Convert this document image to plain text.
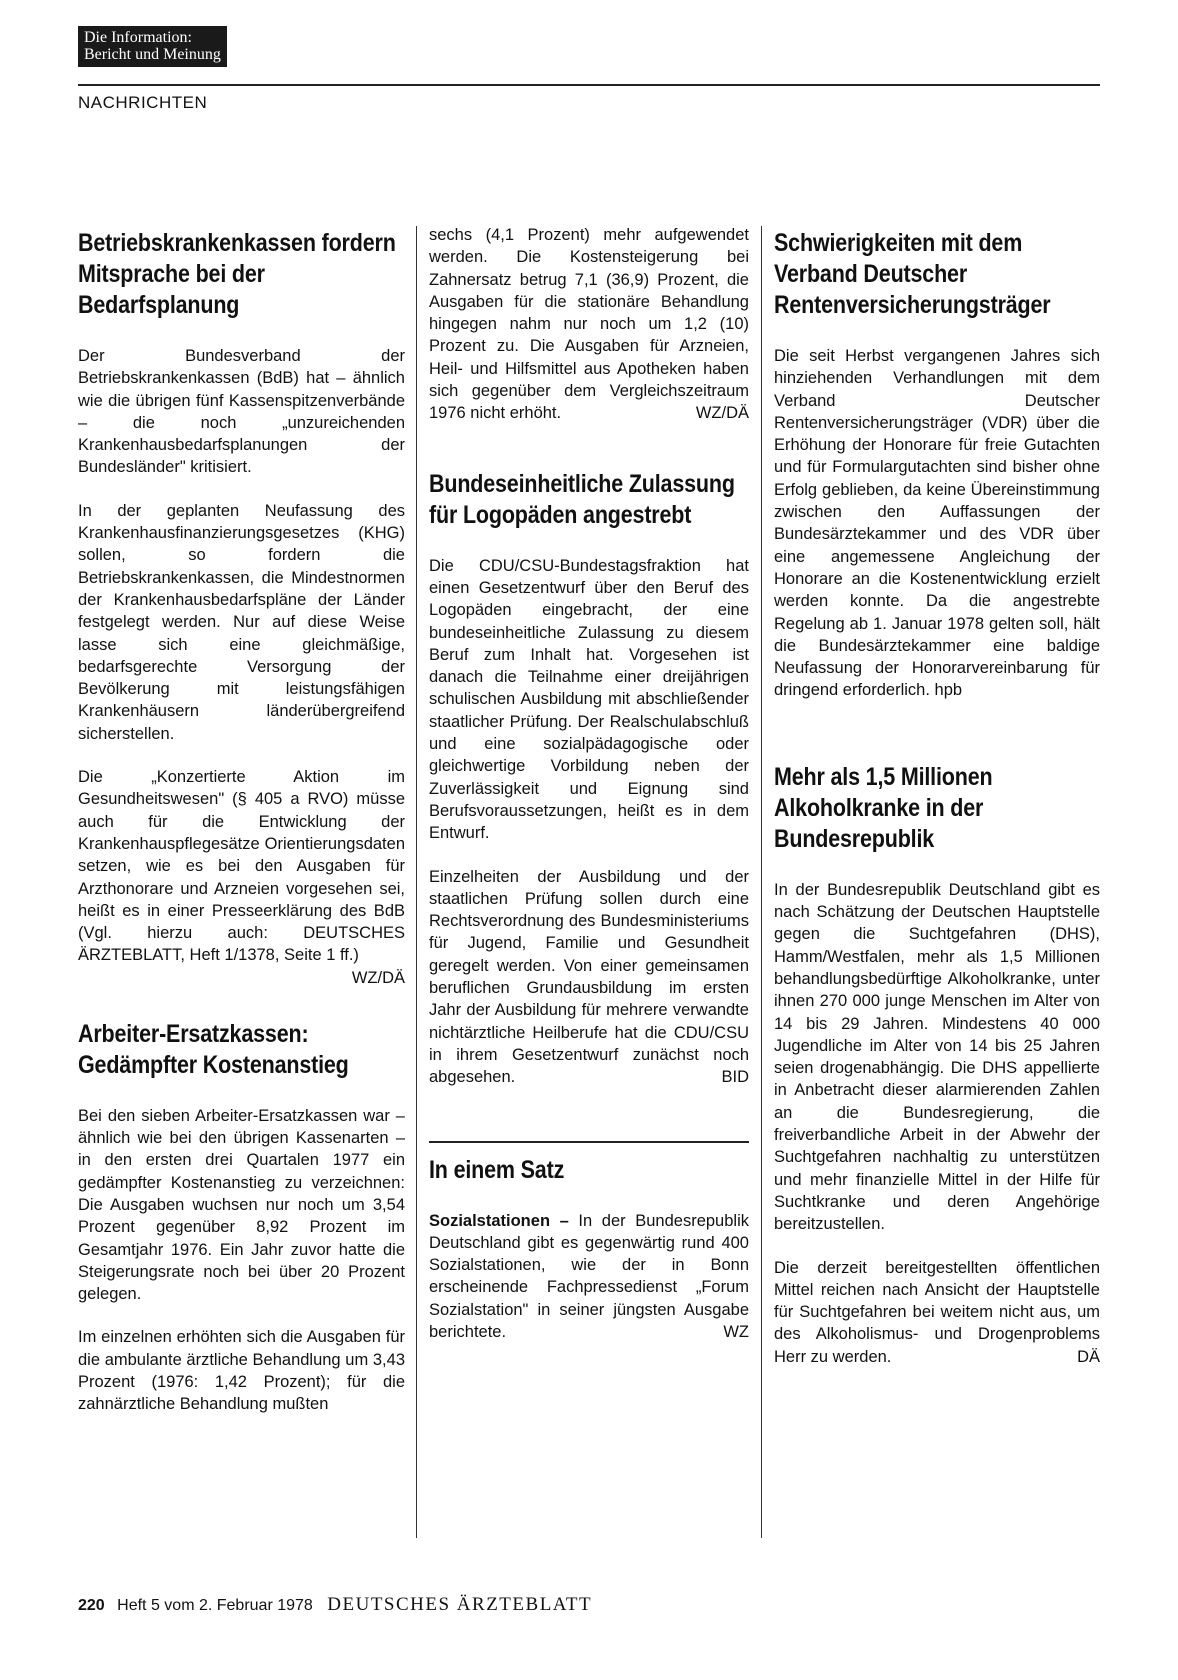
Die Information:
Bericht und Meinung
NACHRICHTEN
Betriebskrankenkassen fordern Mitsprache bei der Bedarfsplanung

Der Bundesverband der Betriebskrankenkassen (BdB) hat – ähnlich wie die übrigen fünf Kassenspitzenverbände – die noch „unzureichenden Krankenhausbedarfsplanungen der Bundesländer" kritisiert.

In der geplanten Neufassung des Krankenhausfinanzierungsgesetzes (KHG) sollen, so fordern die Betriebskrankenkassen, die Mindestnormen der Krankenhausbedarfspläne der Länder festgelegt werden. Nur auf diese Weise lasse sich eine gleichmäßige, bedarfsgerechte Versorgung der Bevölkerung mit leistungsfähigen Krankenhäusern länderübergreifend sicherstellen.

Die „Konzertierte Aktion im Gesundheitswesen" (§ 405 a RVO) müsse auch für die Entwicklung der Krankenhauspflegesätze Orientierungsdaten setzen, wie es bei den Ausgaben für Arzthonorare und Arzneien vorgesehen sei, heißt es in einer Presseerklärung des BdB (Vgl. hierzu auch: DEUTSCHES ÄRZTEBLATT, Heft 1/1378, Seite 1 ff.)
WZ/DÄ

Arbeiter-Ersatzkassen: Gedämpfter Kostenanstieg

Bei den sieben Arbeiter-Ersatzkassen war – ähnlich wie bei den übrigen Kassenarten – in den ersten drei Quartalen 1977 ein gedämpfter Kostenanstieg zu verzeichnen: Die Ausgaben wuchsen nur noch um 3,54 Prozent gegenüber 8,92 Prozent im Gesamtjahr 1976. Ein Jahr zuvor hatte die Steigerungsrate noch bei über 20 Prozent gelegen.

Im einzelnen erhöhten sich die Ausgaben für die ambulante ärztliche Behandlung um 3,43 Prozent (1976: 1,42 Prozent); für die zahnärztliche Behandlung mußten

sechs (4,1 Prozent) mehr aufgewendet werden. Die Kostensteigerung bei Zahnersatz betrug 7,1 (36,9) Prozent, die Ausgaben für die stationäre Behandlung hingegen nahm nur noch um 1,2 (10) Prozent zu. Die Ausgaben für Arzneien, Heil- und Hilfsmittel aus Apotheken haben sich gegenüber dem Vergleichszeitraum 1976 nicht erhöht.	WZ/DÄ

Bundeseinheitliche Zulassung für Logopäden angestrebt

Die CDU/CSU-Bundestagsfraktion hat einen Gesetzentwurf über den Beruf des Logopäden eingebracht, der eine bundeseinheitliche Zulassung zu diesem Beruf zum Inhalt hat. Vorgesehen ist danach die Teilnahme einer dreijährigen schulischen Ausbildung mit abschließender staatlicher Prüfung. Der Realschulabschluß und eine sozialpädagogische oder gleichwertige Vorbildung neben der Zuverlässigkeit und Eignung sind Berufsvoraussetzungen, heißt es in dem Entwurf.

Einzelheiten der Ausbildung und der staatlichen Prüfung sollen durch eine Rechtsverordnung des Bundesministeriums für Jugend, Familie und Gesundheit geregelt werden. Von einer gemeinsamen beruflichen Grundausbildung im ersten Jahr der Ausbildung für mehrere verwandte nichtärztliche Heilberufe hat die CDU/CSU in ihrem Gesetzentwurf zunächst noch abgesehen.	BID

In einem Satz

Sozialstationen – In der Bundesrepublik Deutschland gibt es gegenwärtig rund 400 Sozialstationen, wie der in Bonn erscheinende Fachpressedienst „Forum Sozialstation" in seiner jüngsten Ausgabe berichtete.	WZ

Schwierigkeiten mit dem Verband Deutscher Rentenversicherungsträger

Die seit Herbst vergangenen Jahres sich hinziehenden Verhandlungen mit dem Verband Deutscher Rentenversicherungsträger (VDR) über die Erhöhung der Honorare für freie Gutachten und für Formulargutachten sind bisher ohne Erfolg geblieben, da keine Übereinstimmung zwischen den Auffassungen der Bundesärztekammer und des VDR über eine angemessene Angleichung der Honorare an die Kostenentwicklung erzielt werden konnte. Da die angestrebte Regelung ab 1. Januar 1978 gelten soll, hält die Bundesärztekammer eine baldige Neufassung der Honorarvereinbarung für dringend erforderlich. hpb

Mehr als 1,5 Millionen Alkoholkranke in der Bundesrepublik

In der Bundesrepublik Deutschland gibt es nach Schätzung der Deutschen Hauptstelle gegen die Suchtgefahren (DHS), Hamm/Westfalen, mehr als 1,5 Millionen behandlungsbedürftige Alkoholkranke, unter ihnen 270 000 junge Menschen im Alter von 14 bis 29 Jahren. Mindestens 40 000 Jugendliche im Alter von 14 bis 25 Jahren seien drogenabhängig. Die DHS appellierte in Anbetracht dieser alarmierenden Zahlen an die Bundesregierung, die freiverbandliche Arbeit in der Abwehr der Suchtgefahren nachhaltig zu unterstützen und mehr finanzielle Mittel in der Hilfe für Suchtkranke und deren Angehörige bereitzustellen.

Die derzeit bereitgestellten öffentlichen Mittel reichen nach Ansicht der Hauptstelle für Suchtgefahren bei weitem nicht aus, um des Alkoholismus- und Drogenproblems Herr zu werden.	DÄ

220 Heft 5 vom 2. Februar 1978 DEUTSCHES ÄRZTEBLATT
